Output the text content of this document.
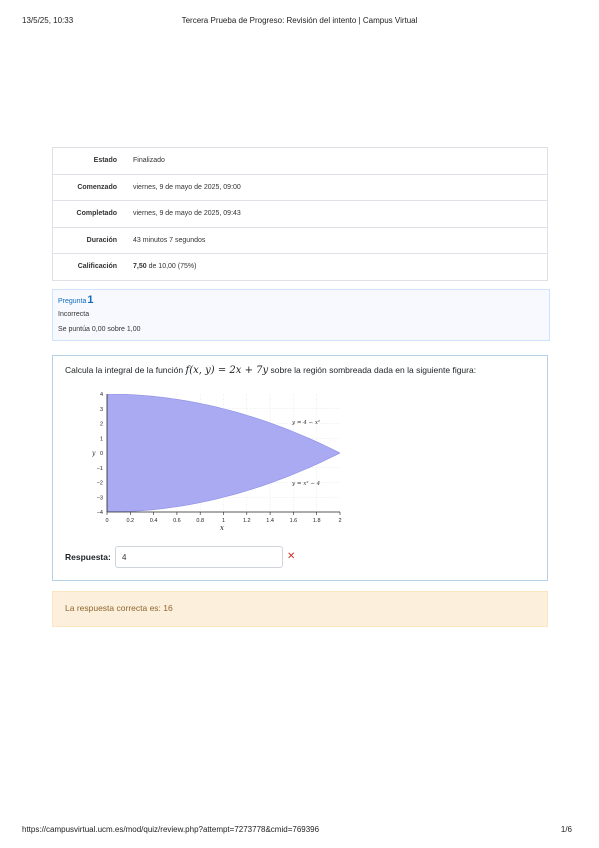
13/5/25, 10:33	Tercera Prueba de Progreso: Revisión del intento | Campus Virtual
Estado	Finalizado
Comenzado	viernes, 9 de mayo de 2025, 09:00
Completado	viernes, 9 de mayo de 2025, 09:43
Duración	43 minutos 7 segundos
Calificación	7,50 de 10,00 (75%)
Pregunta1
Incorrecta
Se puntúa 0,00 sobre 1,00
Calcula la integral de la función f(x, y) = 2x + 7y sobre la región sombreada dada en la siguiente figura:
0	0.2	0.4	0.6	0.8	1	1.2	1.4	1.6	1.8	2
4
3
2
1
0
−1
−2
−3
−4
y
x
y = 4 − x²
y = x² − 4
Respuesta:
4	✕
La respuesta correcta es: 16
https://campusvirtual.ucm.es/mod/quiz/review.php?attempt=7273778&cmid=769396	1/6
